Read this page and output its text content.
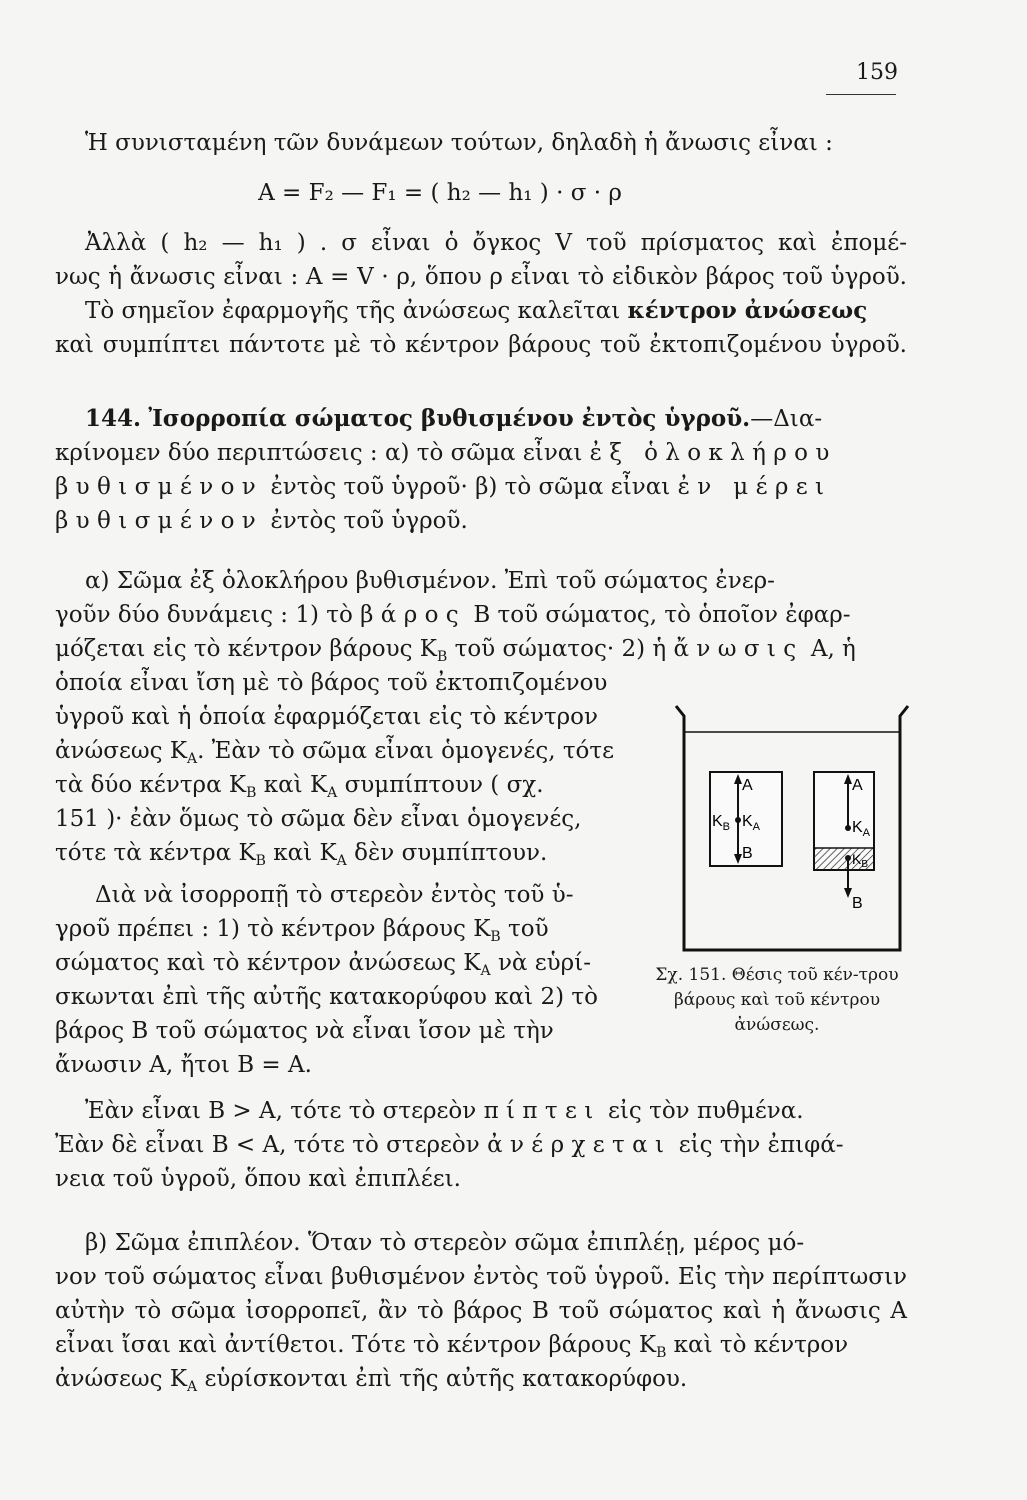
159
Ἡ συνισταμένη τῶν δυνάμεων τούτων, δηλαδὴ ἡ ἄνωσις εἶναι :
A = F₂ — F₁ = ( h₂ — h₁ ) · σ · ρ
Ἀλλὰ ( h₂ — h₁ ) . σ εἶναι ὁ ὄγκος V τοῦ πρίσματος καὶ ἐπομέ-
νως ἡ ἄνωσις εἶναι : A = V · ρ, ὅπου ρ εἶναι τὸ εἰδικὸν βάρος τοῦ ὑγροῦ.
Τὸ σημεῖον ἐφαρμογῆς τῆς ἀνώσεως καλεῖται κέντρον ἀνώσεως
καὶ συμπίπτει πάντοτε μὲ τὸ κέντρον βάρους τοῦ ἐκτοπιζομένου ὑγροῦ.
144. Ἰσορροπία σώματος βυθισμένου ἐντὸς ὑγροῦ.—Δια-
κρίνομεν δύο περιπτώσεις : α) τὸ σῶμα εἶναι ἐξ ὁλοκλήρου
βυθισμένον ἐντὸς τοῦ ὑγροῦ· β) τὸ σῶμα εἶναι ἐν μέρει
βυθισμένον ἐντὸς τοῦ ὑγροῦ.
α) Σῶμα ἐξ ὁλοκλήρου βυθισμένον. Ἐπὶ τοῦ σώματος ἐνερ-
γοῦν δύο δυνάμεις : 1) τὸ βάρος B τοῦ σώματος, τὸ ὁποῖον ἐφαρ-
μόζεται εἰς τὸ κέντρον βάρους $K_B$ τοῦ σώματος· 2) ἡ ἄνωσις A, ἡ
ὁποία εἶναι ἴση μὲ τὸ βάρος τοῦ ἐκτοπιζομένου
ὑγροῦ καὶ ἡ ὁποία ἐφαρμόζεται εἰς τὸ κέντρον
ἀνώσεως $K_A$. Ἐὰν τὸ σῶμα εἶναι ὁμογενές, τότε
τὰ δύο κέντρα $K_B$ καὶ $K_A$ συμπίπτουν ( σχ.
151 )· ἐὰν ὅμως τὸ σῶμα δὲν εἶναι ὁμογενές,
τότε τὰ κέντρα $K_B$ καὶ $K_A$ δὲν συμπίπτουν.
Διὰ νὰ ἰσορροπῇ τὸ στερεὸν ἐντὸς τοῦ ὑ-
γροῦ πρέπει : 1) τὸ κέντρον βάρους $K_B$ τοῦ
σώματος καὶ τὸ κέντρον ἀνώσεως $K_A$ νὰ εὑρί-
σκωνται ἐπὶ τῆς αὐτῆς κατακορύφου καὶ 2) τὸ
βάρος B τοῦ σώματος νὰ εἶναι ἴσον μὲ τὴν
ἄνωσιν A, ἤτοι B = A.
Ἐὰν εἶναι B > A, τότε τὸ στερεὸν πίπτει εἰς τὸν πυθμένα.
Ἐὰν δὲ εἶναι B < A, τότε τὸ στερεὸν ἀνέρχεται εἰς τὴν ἐπιφά-
νεια τοῦ ὑγροῦ, ὅπου καὶ ἐπιπλέει.
β) Σῶμα ἐπιπλέον. Ὅταν τὸ στερεὸν σῶμα ἐπιπλέῃ, μέρος μό-
νον τοῦ σώματος εἶναι βυθισμένον ἐντὸς τοῦ ὑγροῦ. Εἰς τὴν περίπτωσιν
αὐτὴν τὸ σῶμα ἰσορροπεῖ, ἂν τὸ βάρος B τοῦ σώματος καὶ ἡ ἄνωσις A
εἶναι ἴσαι καὶ ἀντίθετοι. Τότε τὸ κέντρον βάρους $K_B$ καὶ τὸ κέντρον
ἀνώσεως $K_A$ εὑρίσκονται ἐπὶ τῆς αὐτῆς κατακορύφου.
A
$K_B$ $K_A$
B
A
$K_A$
$K_B$
B
Σχ. 151. Θέσις τοῦ κέν-τρου βάρους καὶ τοῦ κέντρου ἀνώσεως.
